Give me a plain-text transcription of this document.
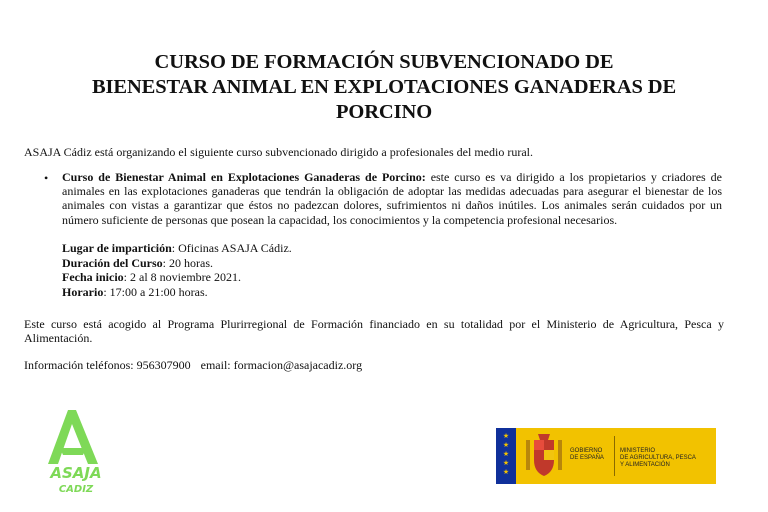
CURSO DE FORMACIÓN SUBVENCIONADO DE
BIENESTAR ANIMAL EN EXPLOTACIONES GANADERAS DE
PORCINO
ASAJA Cádiz está organizando el siguiente curso subvencionado dirigido a profesionales del medio rural.
• Curso de Bienestar Animal en Explotaciones Ganaderas de Porcino: este curso es va dirigido a los propietarios y criadores de animales en las explotaciones ganaderas que tendrán la obligación de adoptar las medidas adecuadas para asegurar el bienestar de los animales con vistas a garantizar que éstos no padezcan dolores, sufrimientos ni daños inútiles. Los animales serán cuidados por un número suficiente de personas que posean la capacidad, los conocimientos y la competencia profesional necesarios.
Lugar de impartición: Oficinas ASAJA Cádiz.
Duración del Curso: 20 horas.
Fecha inicio: 2 al 8 noviembre 2021.
Horario: 17:00 a 21:00 horas.
Este curso está acogido al Programa Plurirregional de Formación financiado en su totalidad por el Ministerio de Agricultura, Pesca y Alimentación.
Información teléfonos: 956307900 email: formacion@asajacadiz.org
ASAJA
CADIZ
★
★
★
★
★
GOBIERNO
DE ESPAÑA
MINISTERIO
DE AGRICULTURA, PESCA
Y ALIMENTACIÓN
